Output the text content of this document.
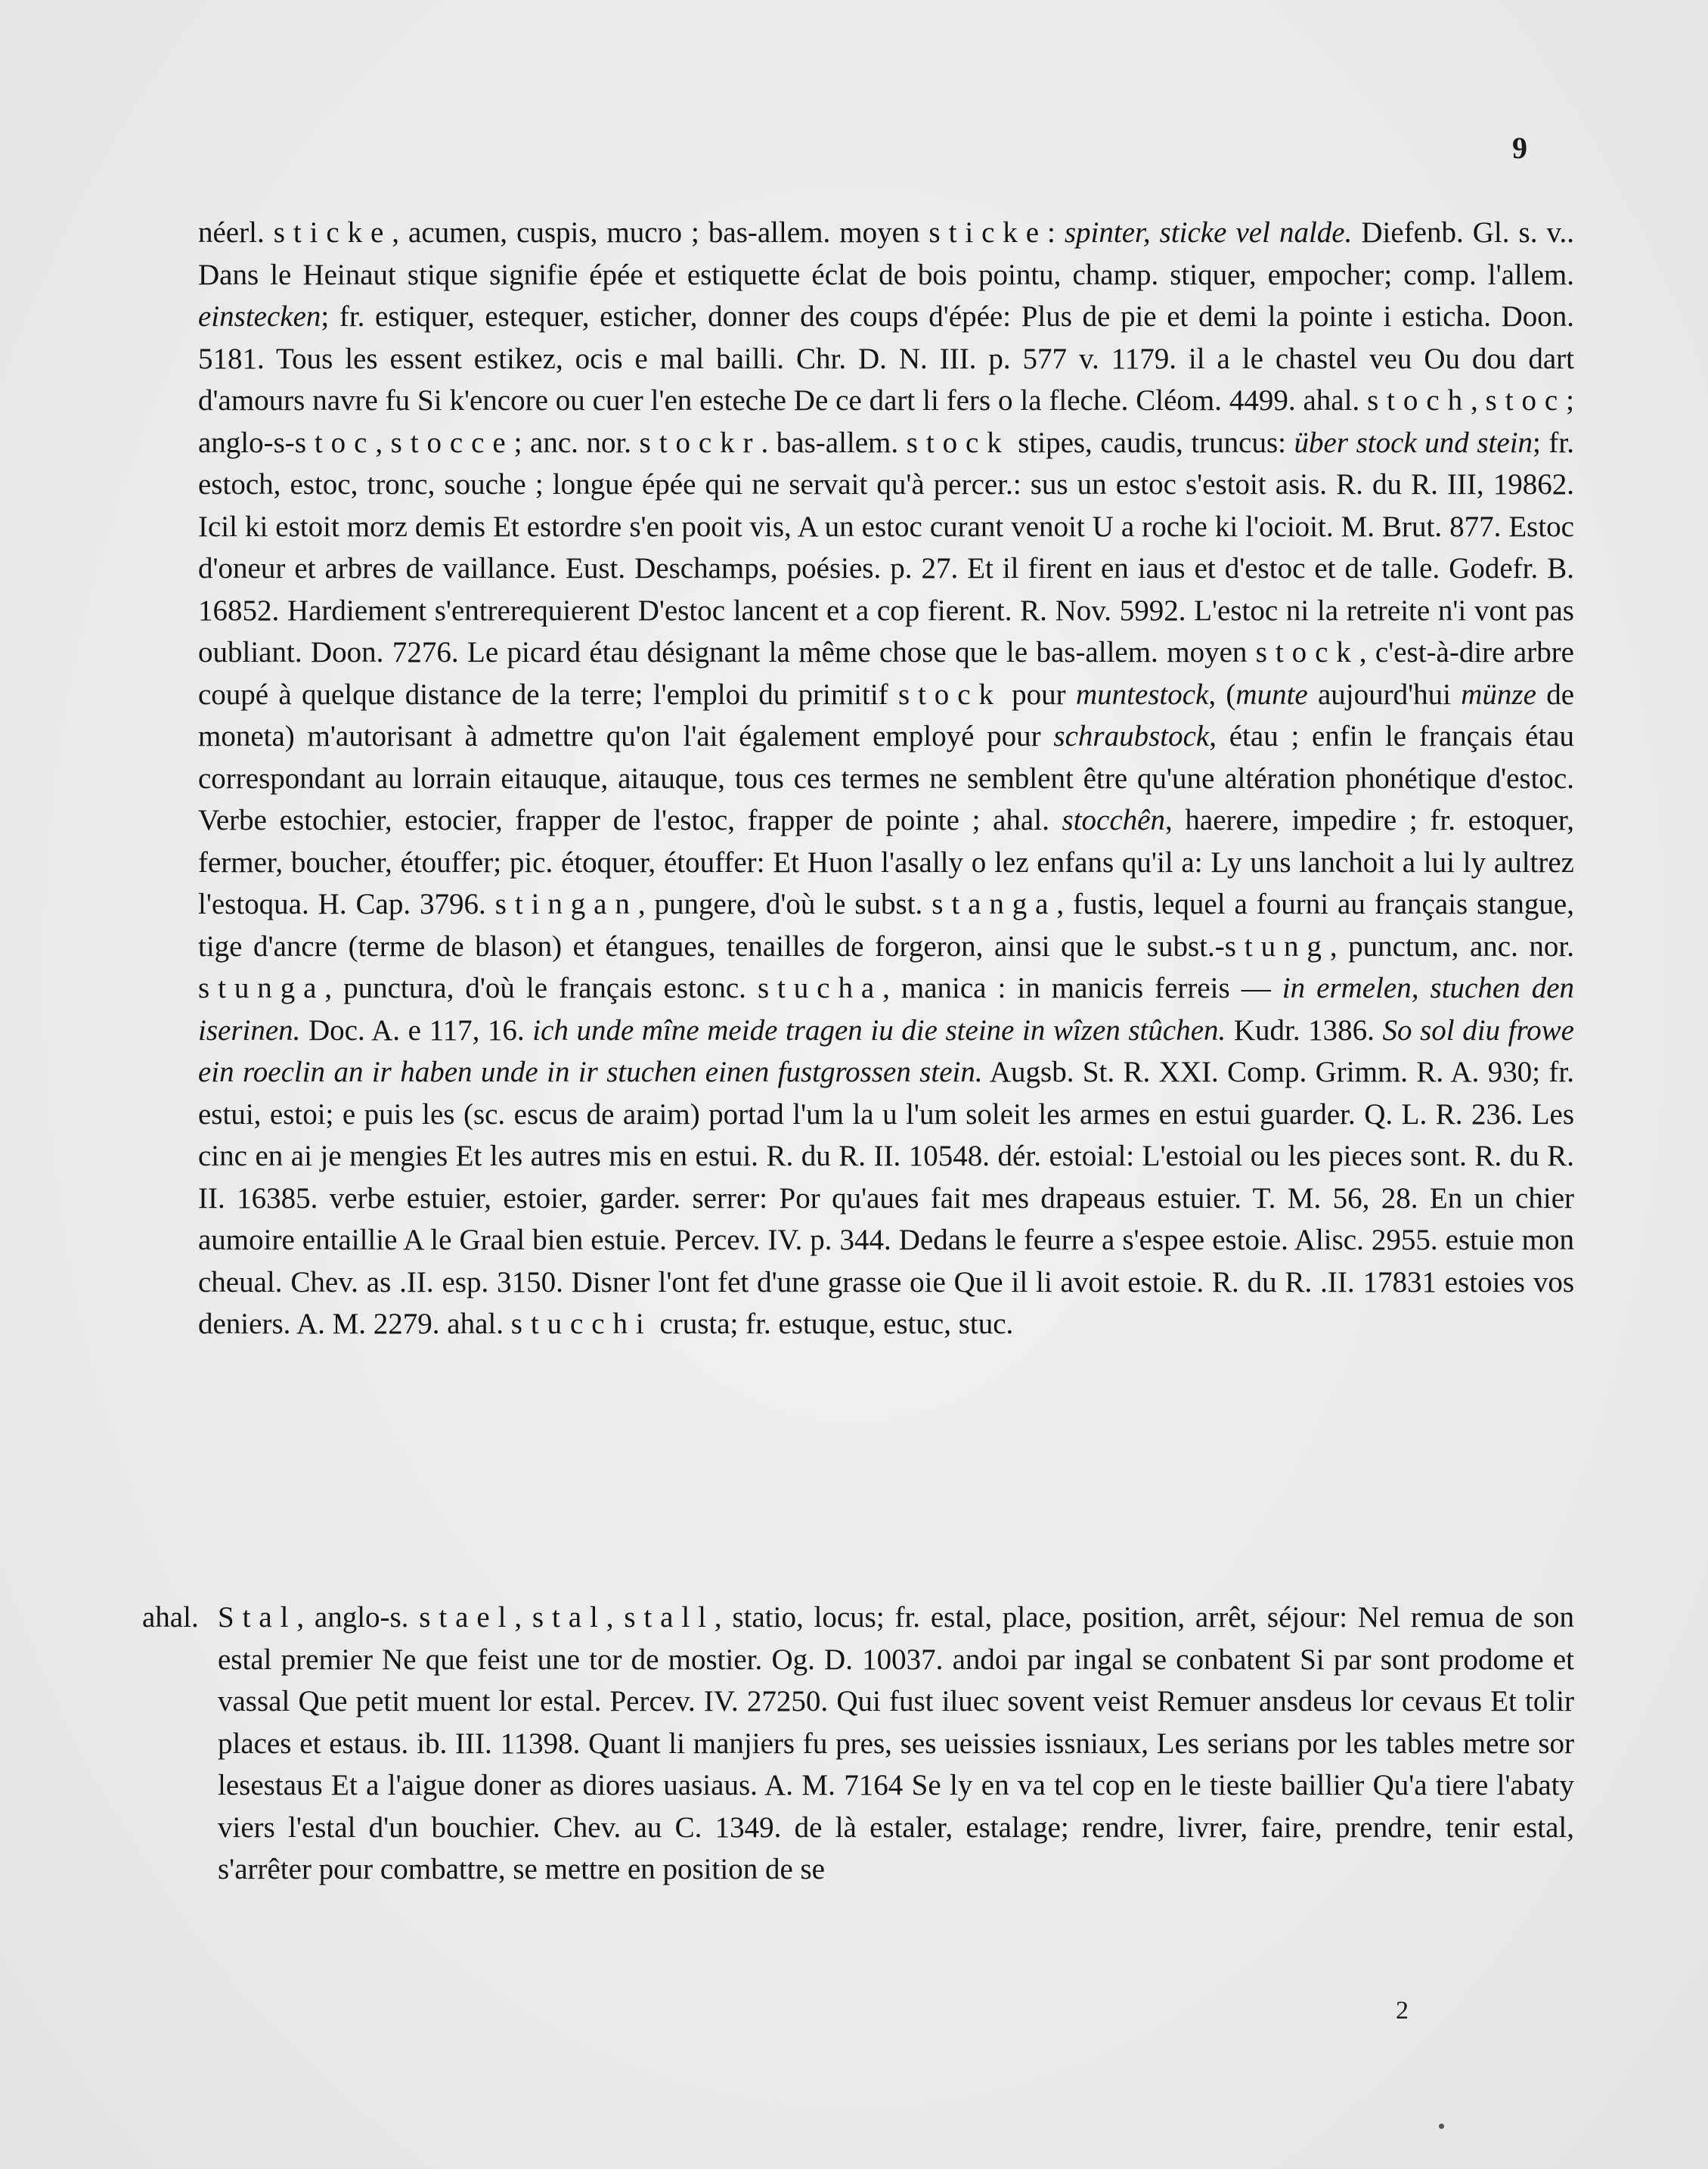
9

néerl. sticke, acumen, cuspis, mucro ; bas-allem. moyen sticke: spinter, sticke vel nalde. Diefenb. Gl. s. v.. Dans le Heinaut stique signifie épée et estiquette éclat de bois pointu, champ. stiquer, empocher; comp. l'allem. einstecken; fr. estiquer, estequer, esticher, donner des coups d'épée: Plus de pie et demi la pointe i esticha. Doon. 5181. Tous les essent estikez, ocis e mal bailli. Chr. D. N. III. p. 577 v. 1179. il a le chastel veu Ou dou dart d'amours navre fu Si k'encore ou cuer l'en esteche De ce dart li fers o la fleche. Cléom. 4499. ahal. stoch, stoc; anglo-s-stoc, stocce; anc. nor. stockr. bas-allem. stock stipes, caudis, truncus: über stock und stein; fr. estoch, estoc, tronc, souche ; longue épée qui ne servait qu'à percer.: sus un estoc s'estoit asis. R. du R. III, 19862. Icil ki estoit morz demis Et estordre s'en pooit vis, A un estoc curant venoit U a roche ki l'ocioit. M. Brut. 877. Estoc d'oneur et arbres de vaillance. Eust. Deschamps, poésies. p. 27. Et il firent en iaus et d'estoc et de talle. Godefr. B. 16852. Hardiement s'entrerequierent D'estoc lancent et a cop fierent. R. Nov. 5992. L'estoc ni la retreite n'i vont pas oubliant. Doon. 7276. Le picard étau désignant la même chose que le bas-allem. moyen stock, c'est-à-dire arbre coupé à quelque distance de la terre; l'emploi du primitif stock pour muntestock, (munte aujourd'hui münze de moneta) m'autorisant à admettre qu'on l'ait également employé pour schraubstock, étau ; enfin le français étau correspondant au lorrain eitauque, aitauque, tous ces termes ne semblent être qu'une altération phonétique d'estoc. Verbe estochier, estocier, frapper de l'estoc, frapper de pointe ; ahal. stocchên, haerere, impedire ; fr. estoquer, fermer, boucher, étouffer; pic. étoquer, étouffer: Et Huon l'asally o lez enfans qu'il a: Ly uns lanchoit a lui ly aultrez l'estoqua. H. Cap. 3796. stingan, pungere, d'où le subst. stanga, fustis, lequel a fourni au français stangue, tige d'ancre (terme de blason) et étangues, tenailles de forgeron, ainsi que le subst.-stung, punctum, anc. nor. stunga, punctura, d'où le français estonc. stucha, manica : in manicis ferreis — in ermelen, stuchen den iserinen. Doc. A. e 117, 16. ich unde mîne meide tragen iu die steine in wîzen stûchen. Kudr. 1386. So sol diu frowe ein roeclin an ir haben unde in ir stuchen einen fustgrossen stein. Augsb. St. R. XXI. Comp. Grimm. R. A. 930; fr. estui, estoi; e puis les (sc. escus de araim) portad l'um la u l'um soleit les armes en estui guarder. Q. L. R. 236. Les cinc en ai je mengies Et les autres mis en estui. R. du R. II. 10548. dér. estoial: L'estoial ou les pieces sont. R. du R. II. 16385. verbe estuier, estoier, garder. serrer: Por qu'aues fait mes drapeaus estuier. T. M. 56, 28. En un chier aumoire entaillie A le Graal bien estuie. Percev. IV. p. 344. Dedans le feurre a s'espee estoie. Alisc. 2955. estuie mon cheual. Chev. as .II. esp. 3150. Disner l'ont fet d'une grasse oie Que il li avoit estoie. R. du R. .II. 17831 estoies vos deniers. A. M. 2279. ahal. stucchi crusta; fr. estuque, estuc, stuc.

ahal. Stal, anglo-s. stael, stal, stall, statio, locus; fr. estal, place, position, arrêt, séjour: Nel remua de son estal premier Ne que feist une tor de mostier. Og. D. 10037. andoi par ingal se conbatent Si par sont prodome et vassal Que petit muent lor estal. Percev. IV. 27250. Qui fust iluec sovent veist Remuer ansdeus lor cevaus Et tolir places et estaus. ib. III. 11398. Quant li manjiers fu pres, ses ueissies issniaux, Les serians por les tables metre sor lesestaus Et a l'aigue doner as diores uasiaus. A. M. 7164 Se ly en va tel cop en le tieste baillier Qu'a tiere l'abaty viers l'estal d'un bouchier. Chev. au C. 1349. de là estaler, estalage; rendre, livrer, faire, prendre, tenir estal, s'arrêter pour combattre, se mettre en position de se

2
